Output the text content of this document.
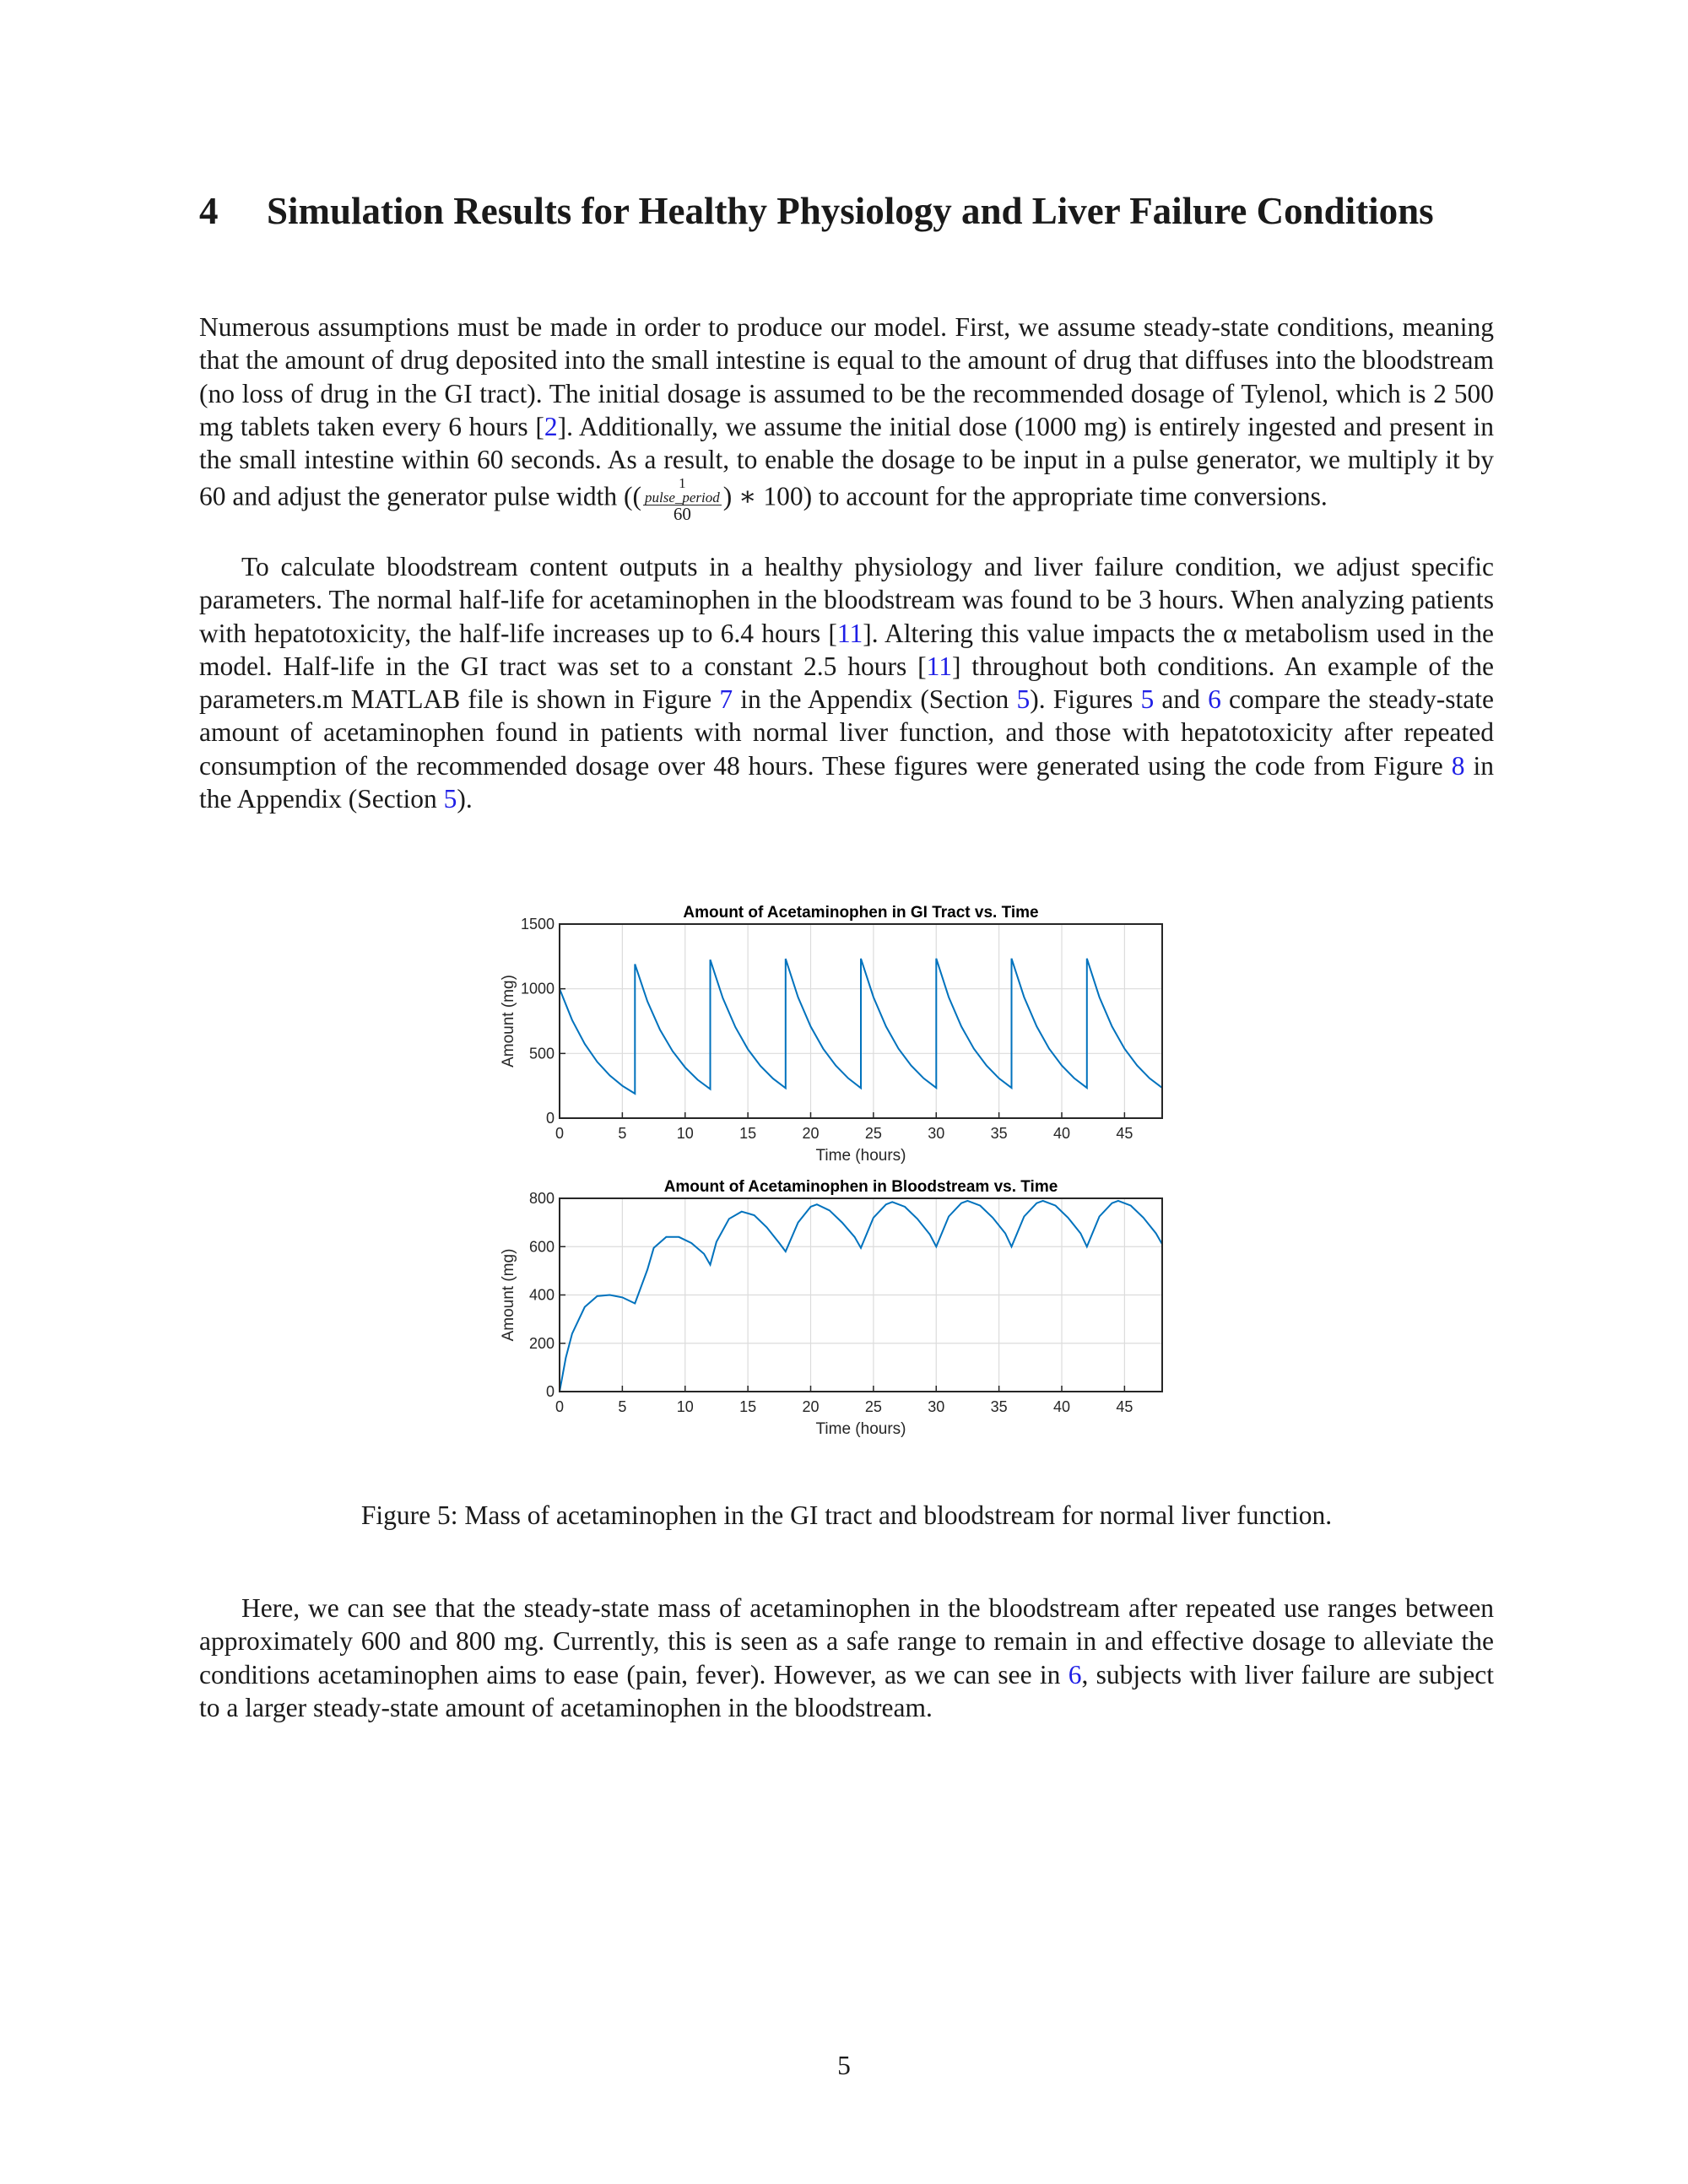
4 Simulation Results for Healthy Physiology and Liver Failure Conditions

Numerous assumptions must be made in order to produce our model. First, we assume steady-state conditions, meaning that the amount of drug deposited into the small intestine is equal to the amount of drug that diffuses into the bloodstream (no loss of drug in the GI tract). The initial dosage is assumed to be the recommended dosage of Tylenol, which is 2 500 mg tablets taken every 6 hours [2]. Additionally, we assume the initial dose (1000 mg) is entirely ingested and present in the small intestine within 60 seconds. As a result, to enable the dosage to be input in a pulse generator, we multiply it by 60 and adjust the generator pulse width (( 1
pulse_period
60 ) ∗ 100) to account for the appropriate time conversions.

To calculate bloodstream content outputs in a healthy physiology and liver failure condition, we adjust specific parameters. The normal half-life for acetaminophen in the bloodstream was found to be 3 hours. When analyzing patients with hepatotoxicity, the half-life increases up to 6.4 hours [11]. Altering this value impacts the α metabolism used in the model. Half-life in the GI tract was set to a constant 2.5 hours [11] throughout both conditions. An example of the parameters.m MATLAB file is shown in Figure 7 in the Appendix (Section 5). Figures 5 and 6 compare the steady-state amount of acetaminophen found in patients with normal liver function, and those with hepatotoxicity after repeated consumption of the recommended dosage over 48 hours. These figures were generated using the code from Figure 8 in the Appendix (Section 5).

0	5	10	15	20	25	30	35	40	45
0
500
1000
1500
Amount of Acetaminophen in GI Tract vs. Time
Time (hours)
Amount (mg)
0	5	10	15	20	25	30	35	40	45
0
200
400
600
800
Amount of Acetaminophen in Bloodstream vs. Time
Time (hours)
Amount (mg)

Figure 5: Mass of acetaminophen in the GI tract and bloodstream for normal liver function.

Here, we can see that the steady-state mass of acetaminophen in the bloodstream after repeated use ranges between approximately 600 and 800 mg. Currently, this is seen as a safe range to remain in and effective dosage to alleviate the conditions acetaminophen aims to ease (pain, fever). However, as we can see in 6, subjects with liver failure are subject to a larger steady-state amount of acetaminophen in the bloodstream.

5
